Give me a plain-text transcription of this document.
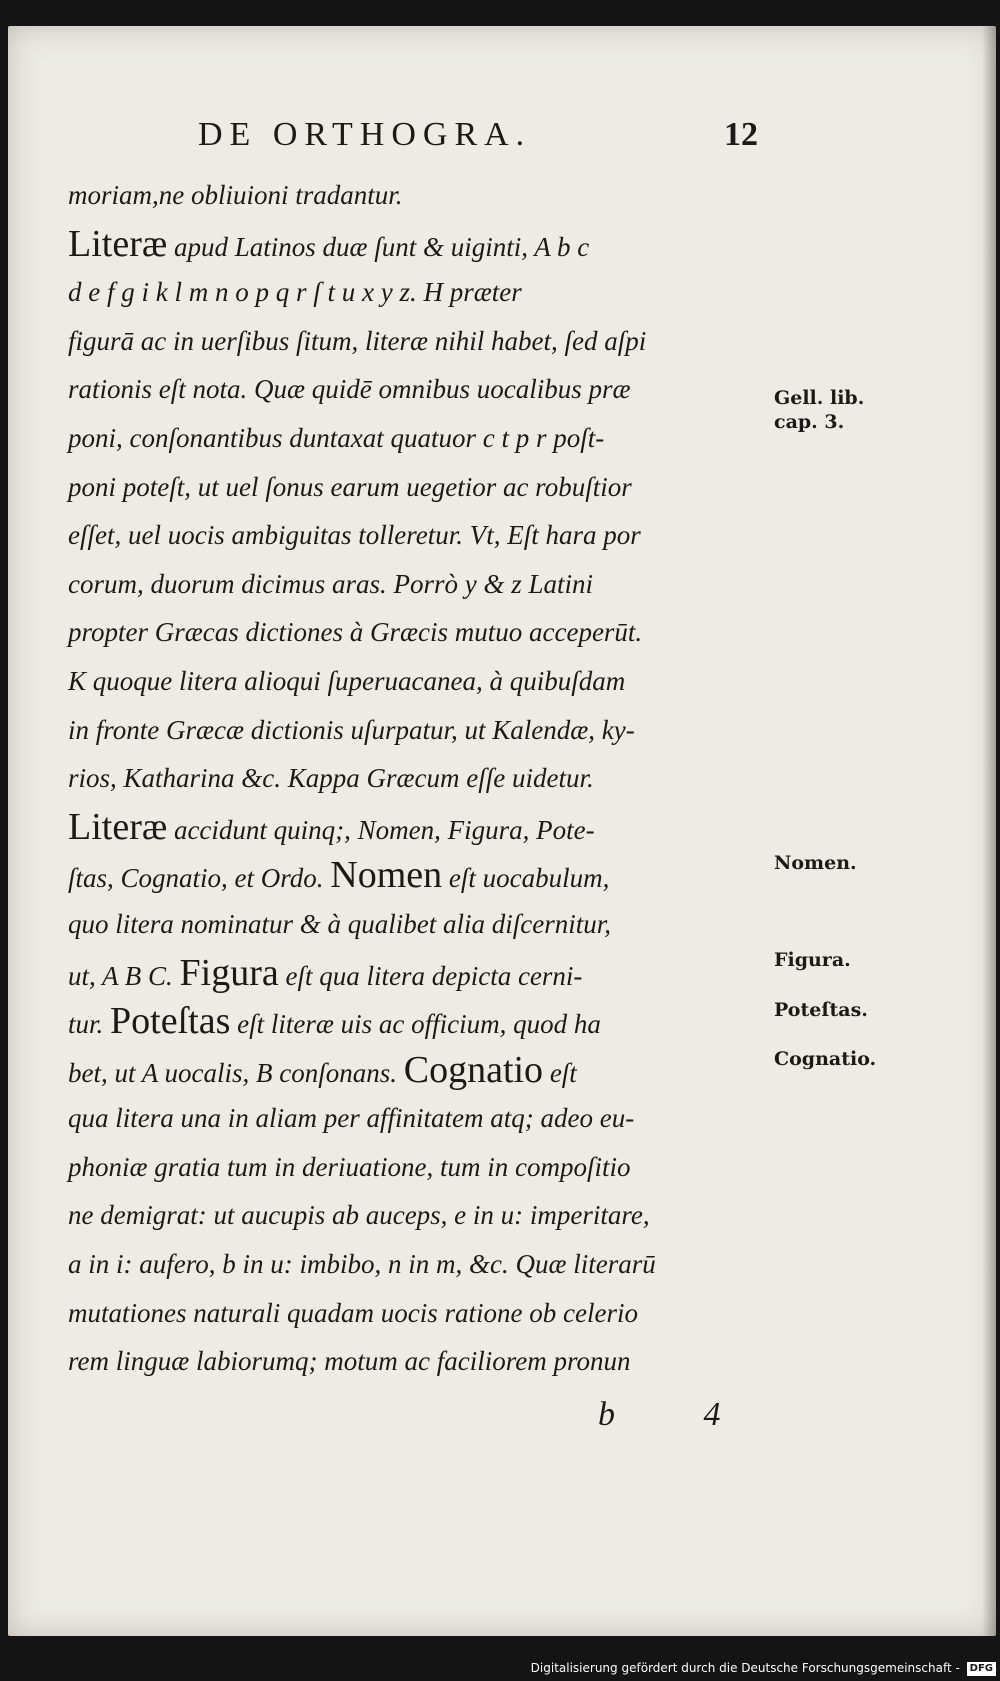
DE ORTHOGRA.	12
moriam,ne obliuioni tradantur.
Literæ apud Latinos duæ ſunt & uiginti, A b c
d e f g i k l m n o p q r ſ t u x y z. H præter
figurā ac in uerſibus ſitum, literæ nihil habet, ſed aſpi
rationis eſt nota. Quæ quidē omnibus uocalibus præ
poni, conſonantibus duntaxat quatuor c t p r poſt-
poni poteſt, ut uel ſonus earum uegetior ac robuſtior
eſſet, uel uocis ambiguitas tolleretur. Vt, Eſt hara por
corum, duorum dicimus aras. Porrò y & z Latini
propter Græcas dictiones à Græcis mutuo acceperūt.
K quoque litera alioqui ſuperuacanea, à quibuſdam
in fronte Græcæ dictionis uſurpatur, ut Kalendæ, ky-
rios, Katharina &c. Kappa Græcum eſſe uidetur.
Literæ accidunt quinq;, Nomen, Figura, Pote-
ſtas, Cognatio, et Ordo. Nomen eſt uocabulum,
quo litera nominatur & à qualibet alia diſcernitur,
ut, A B C. Figura eſt qua litera depicta cerni-
tur. Poteſtas eſt literæ uis ac officium, quod ha
bet, ut A uocalis, B conſonans. Cognatio eſt
qua litera una in aliam per affinitatem atq; adeo eu-
phoniæ gratia tum in deriuatione, tum in compoſitio
ne demigrat: ut aucupis ab auceps, e in u: imperitare,
a in i: aufero, b in u: imbibo, n in m, &c. Quæ literarū
mutationes naturali quadam uocis ratione ob celerio
rem linguæ labiorumq; motum ac faciliorem pronun
Gell. lib.
cap. 3.
Nomen.
Figura.
Poteſtas.
Cognatio.
b 4
Digitalisierung gefördert durch die Deutsche Forschungsgemeinschaft - DFG
